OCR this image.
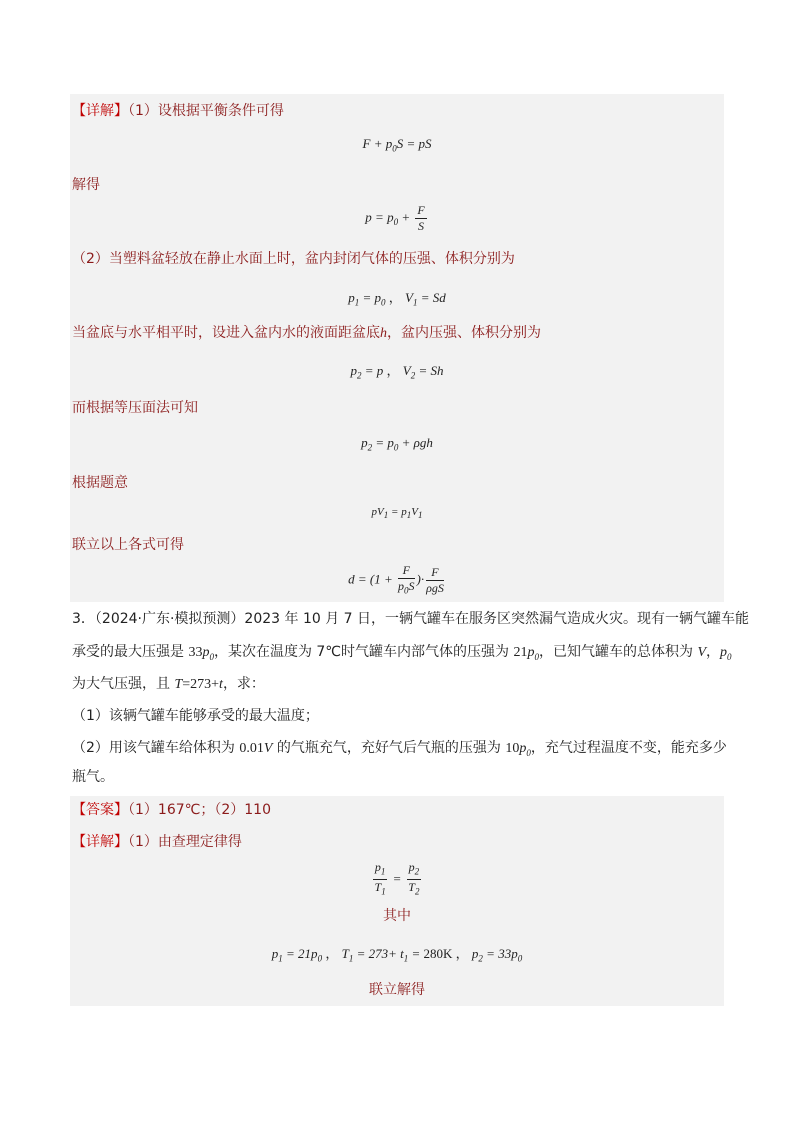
【详解】（1）设根据平衡条件可得
$F + p_0S$ = pS
解得
$p = p_0 + \frac{F}{S}$
（2）当塑料盆轻放在静止水面上时，盆内封闭气体的压强、体积分别为
$p_1 = p_0$ ， $V_1 = Sd$
当盆底与水平相平时，设进入盆内水的液面距盆底h，盆内压强、体积分别为
$p_2 = p$ ， $V_2 = Sh$
而根据等压面法可知
$p_2 = p_0 + \rho gh$
根据题意
$pV_1 = p_1V_1$
联立以上各式可得
$d = (1 + \frac{F}{p_0S}$ )· $\frac{F}{\text{ρgS}}$
3．（2024·广东·模拟预测）2023 年 10 月 7 日，一辆气罐车在服务区突然漏气造成火灾。现有一辆气罐车能
承受的最大压强是 $33p_0$，某次在温度为 7℃时气罐车内部气体的压强为 $21p_0$，已知气罐车的总体积为 V，$p_0$
为大气压强，且 T=273+t，求：
（1）该辆气罐车能够承受的最大温度；
（2）用该气罐车给体积为 0.01V 的气瓶充气，充好气后气瓶的压强为 $10p_0$，充气过程温度不变，能充多少
瓶气。
【答案】（1）167℃；（2）110
【详解】（1）由查理定律得
$\frac{p_1}{T_1} = \frac{p_2}{T_2}$
其中
$p_1 = 21p_0$ ， $T_1 = 273+ t_1 = 280K$ ， $p_2 = 33p_0$
联立解得
